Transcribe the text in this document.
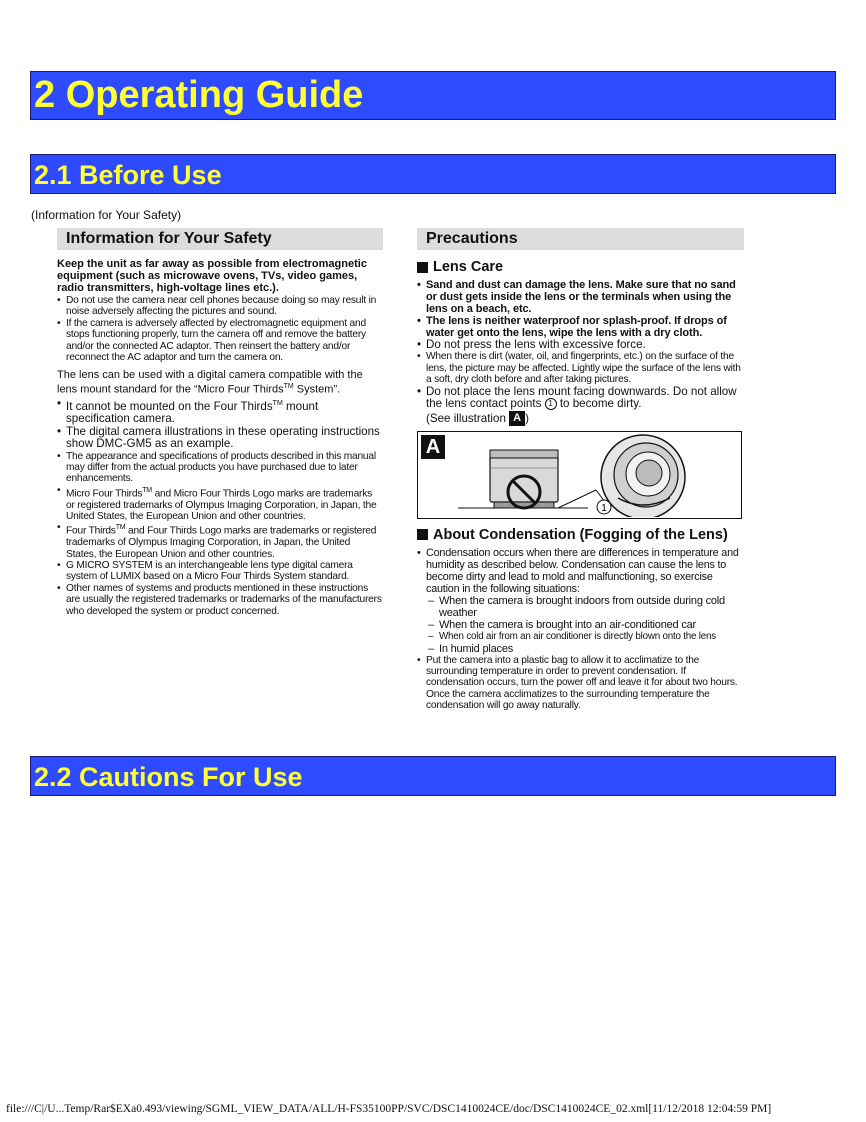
2 Operating Guide
2.1 Before Use
(Information for Your Safety)
Information for Your Safety

Keep the unit as far away as possible from electromagnetic equipment (such as microwave ovens, TVs, video games, radio transmitters, high-voltage lines etc.).

• Do not use the camera near cell phones because doing so may result in noise adversely affecting the pictures and sound.
• If the camera is adversely affected by electromagnetic equipment and stops functioning properly, turn the camera off and remove the battery and/or the connected AC adaptor. Then reinsert the battery and/or reconnect the AC adaptor and turn the camera on.

The lens can be used with a digital camera compatible with the lens mount standard for the “Micro Four Thirds™ System”.

• It cannot be mounted on the Four Thirds™ mount specification camera.
• The digital camera illustrations in these operating instructions show DMC-GM5 as an example.
• The appearance and specifications of products described in this manual may differ from the actual products you have purchased due to later enhancements.
• Micro Four Thirds™ and Micro Four Thirds Logo marks are trademarks or registered trademarks of Olympus Imaging Corporation, in Japan, the United States, the European Union and other countries.
• Four Thirds™ and Four Thirds Logo marks are trademarks or registered trademarks of Olympus Imaging Corporation, in Japan, the United States, the European Union and other countries.
• G MICRO SYSTEM is an interchangeable lens type digital camera system of LUMIX based on a Micro Four Thirds System standard.
• Other names of systems and products mentioned in these instructions are usually the registered trademarks or trademarks of the manufacturers who developed the system or product concerned.
Precautions
Lens Care
• Sand and dust can damage the lens. Make sure that no sand or dust gets inside the lens or the terminals when using the lens on a beach, etc.
• The lens is neither waterproof nor splash-proof. If drops of water get onto the lens, wipe the lens with a dry cloth.
• Do not press the lens with excessive force.
• When there is dirt (water, oil, and fingerprints, etc.) on the surface of the lens, the picture may be affected. Lightly wipe the surface of the lens with a soft, dry cloth before and after taking pictures.
• Do not place the lens mount facing downwards. Do not allow the lens contact points 1 to become dirty.
(See illustration A )
A
1
About Condensation (Fogging of the Lens)
• Condensation occurs when there are differences in temperature and humidity as described below. Condensation can cause the lens to become dirty and lead to mold and malfunctioning, so exercise caution in the following situations:
– When the camera is brought indoors from outside during cold weather
– When the camera is brought into an air-conditioned car
– When cold air from an air conditioner is directly blown onto the lens
– In humid places
• Put the camera into a plastic bag to allow it to acclimatize to the surrounding temperature in order to prevent condensation. If condensation occurs, turn the power off and leave it for about two hours. Once the camera acclimatizes to the surrounding temperature the condensation will go away naturally.
2.2 Cautions For Use
file:///C|/U...Temp/Rar$EXa0.493/viewing/SGML_VIEW_DATA/ALL/H-FS35100PP/SVC/DSC1410024CE/doc/DSC1410024CE_02.xml[11/12/2018 12:04:59 PM]
